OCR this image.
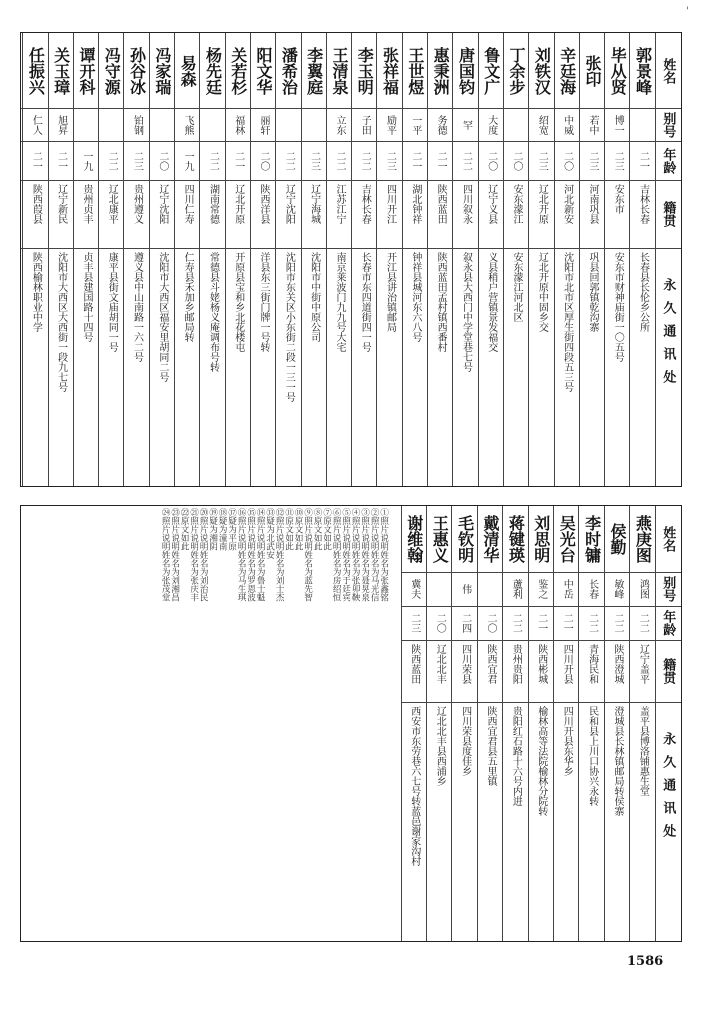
'
姓名
别号
年龄
籍贯
永久通讯处
郭景峰
二一
吉林长春
长春县长伦乡公所
毕从贤
博一
二三
安东市
安东市财神庙街一〇五号
张印
若中
二三
河南巩县
巩县回郭镇乾沟寨
辛廷海
中威
二〇
河北新安
沈阳市北市区厚生街四段五三号
刘铁汉
绍宽
二三
辽北开原
辽北开原中固乡交
丁余步
二〇
安东濛江
安东濛江河北区
鲁文广
大度
二〇
辽宁义县
义县稍户营镇景发福交
唐国钧
罕
二二
四川叙永
叙永县大西门中学堂巷七号
惠秉洲
务德
二一
陕西蓝田
陕西蓝田孟村镇西番村
王世煜
一平
二一
湖北钟祥
钟祥县城河东六八号
张祥福
励平
二三
四川开江
开江县讲治镇邮局
李玉明
子田
二二
吉林长春
长春市东四道街四一号
王清泉
立东
二二
江苏江宁
南京莱波门九九号大宅
李翼庭
二三
辽宁海城
沈阳市中街中原公司
潘希治
二二
辽宁沈阳
沈阳市东关区小东街二段一三一号
阳文华
丽轩
二〇
陕西洋县
洋县东三街门牌一号转
关若杉
福林
二一
辽北开原
开原县宝和乡北花楼屯
杨先廷
二二
湖南常德
常德县斗姥杨义庵调布号转
易森
飞熊
一九
四川仁寿
仁寿县禾加乡邮局转
冯家瑞
二〇
辽宁沈阳
沈阳市大西区福安里胡同二号
孙谷冰
铂钢
二三
贵州遵义
遵义县中山南路一六二号
冯守源
二二
辽北康平
康平县街文庙胡同一号
谭开科
一九
贵州贞丰
贞丰县建国路十四号
关玉璋
旭昇
二一
辽宁新民
沈阳市大西区大西街一段九七号
任振兴
仁人
二一
陕西葭县
陕西榆林职业中学
姓名
别号
年龄
籍贯
永久通讯处
燕庚图
鸿图
二二
辽宁盖平
盖平县博洛铺惠生堂
侯勤
敏峰
二二
陕西澄城
澄城县长林镇邮局转侯寨
李时镛
长春
二二
青海民和
民和县上川口协兴永转
吴光台
中岳
二一
四川开县
四川开县东华乡
刘思明
鉴之
二一
陕西彬城
榆林高等法院榆林分院转
蒋键瑛
蘆利
二二
贵州贵阳
贵阳红石路十六号内进
戴清华
二〇
陕西宜君
陕西宜君县五里镇
毛钦明
伟
二四
四川荣县
四川荣县度佳乡
王惠义
二〇
辽北北丰
辽北北丰县西浦乡
谢维翰
冀夫
二三
陕西蓝田
西安市东劳巷六七号转蓝邑谢家沟村
①照片说明姓名为张鑫铭
②照片说明姓名为马光信
③照片说明姓名为聂晃泉
④照片说明姓名为张卯鞅
⑤照片说明姓名为于廷宾
⑥照片说明姓名为房绍恒
⑦原文如此
⑧原文如此
⑨照片说明姓名为蓝先智
⑩原文如此
⑪原文如此
⑫照片说明姓名为刘士杰
⑬疑为北武安
⑭照片说明姓名为鲁士魁
⑮照片说明姓名为罗恩波
⑯照片说明姓名为马生琪
⑰疑为平原
⑱疑为潼南
⑲疑为湘阴
⑳照片说明姓名为刘治民
㉑照片说明姓名为张庆丰
㉒原文如此
㉓照片说明姓名为刘湘昌
㉔照片说明姓名为张茂堂
1586
